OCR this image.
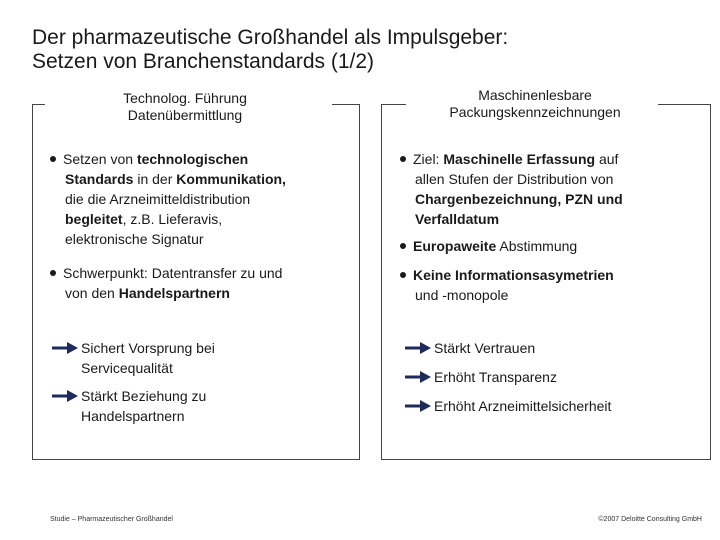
Der pharmazeutische Großhandel als Impulsgeber:
Setzen von Branchenstandards (1/2)
Technolog. Führung
Datenübermittlung
Maschinenlesbare
Packungskennzeichnungen
Setzen von technologischen
Standards in der Kommunikation,
die die Arzneimitteldistribution
begleitet, z.B. Lieferavis,
elektronische Signatur
Schwerpunkt: Datentransfer zu und
von den Handelspartnern
Sichert Vorsprung bei
Servicequalität
Stärkt Beziehung zu
Handelspartnern
Ziel: Maschinelle Erfassung auf
allen Stufen der Distribution von
Chargenbezeichnung, PZN und
Verfalldatum
Europaweite Abstimmung
Keine Informationsasymetrien
und -monopole
Stärkt Vertrauen
Erhöht Transparenz
Erhöht Arzneimittelsicherheit
Studie – Pharmazeutischer Großhandel	©2007 Deloitte Consulting GmbH
